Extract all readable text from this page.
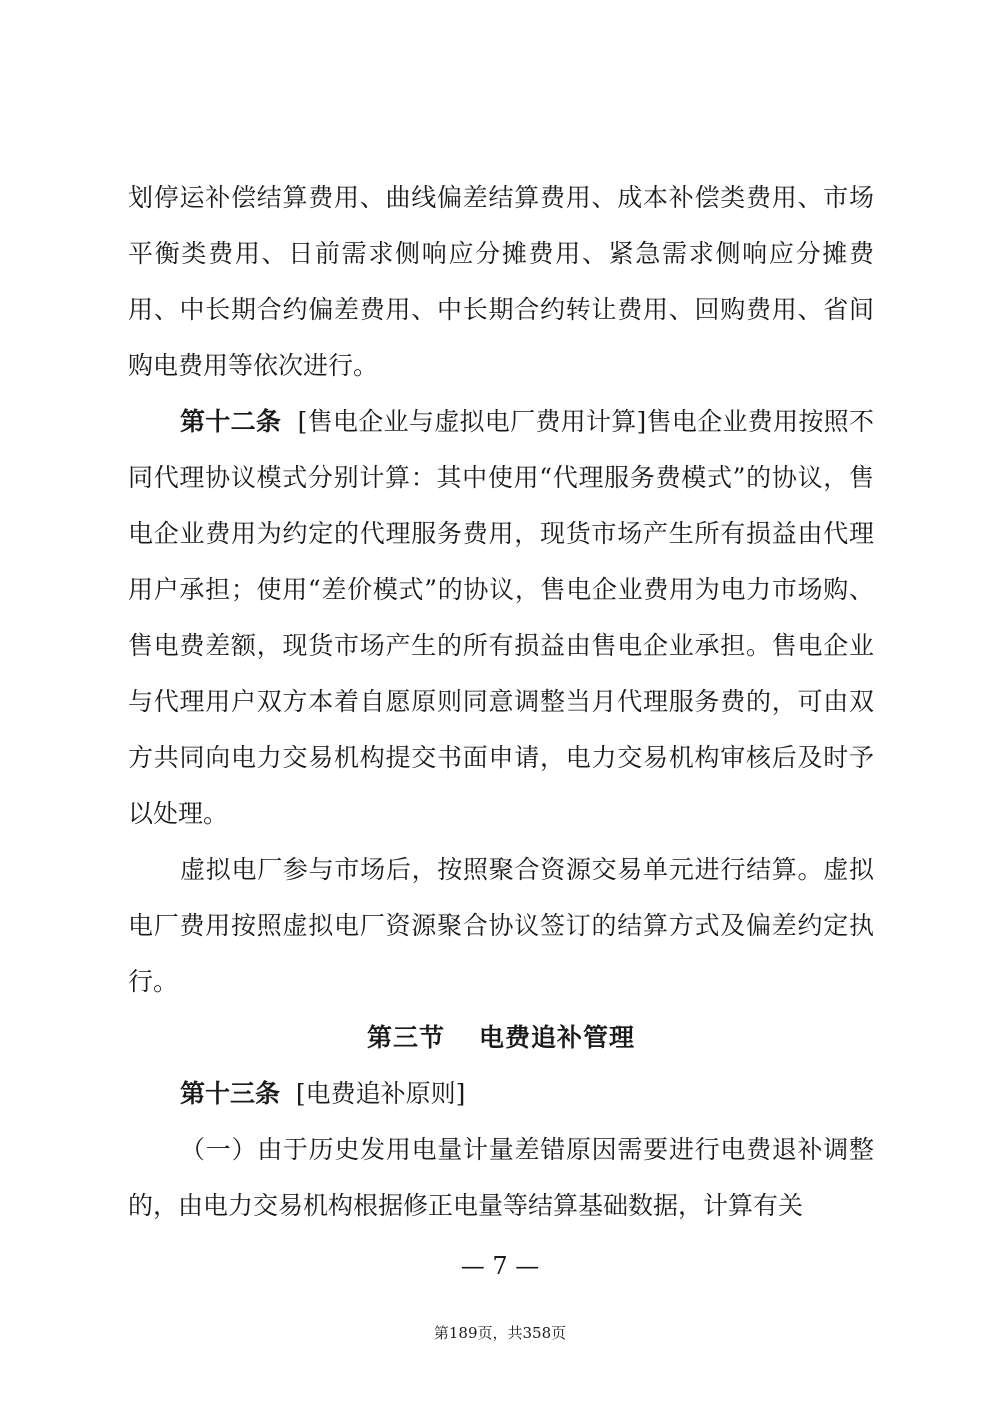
划停运补偿结算费用、曲线偏差结算费用、成本补偿类费用、市场平衡类费用、日前需求侧响应分摊费用、紧急需求侧响应分摊费用、中长期合约偏差费用、中长期合约转让费用、回购费用、省间购电费用等依次进行。

第十二条 [售电企业与虚拟电厂费用计算]售电企业费用按照不同代理协议模式分别计算：其中使用“代理服务费模式”的协议，售电企业费用为约定的代理服务费用，现货市场产生所有损益由代理用户承担；使用“差价模式”的协议，售电企业费用为电力市场购、售电费差额，现货市场产生的所有损益由售电企业承担。售电企业与代理用户双方本着自愿原则同意调整当月代理服务费的，可由双方共同向电力交易机构提交书面申请，电力交易机构审核后及时予以处理。

虚拟电厂参与市场后，按照聚合资源交易单元进行结算。虚拟电厂费用按照虚拟电厂资源聚合协议签订的结算方式及偏差约定执行。

第三节 电费追补管理

第十三条 [电费追补原则]

（一）由于历史发用电量计量差错原因需要进行电费退补调整的，由电力交易机构根据修正电量等结算基础数据，计算有关

— 7 —
第189页，共358页
